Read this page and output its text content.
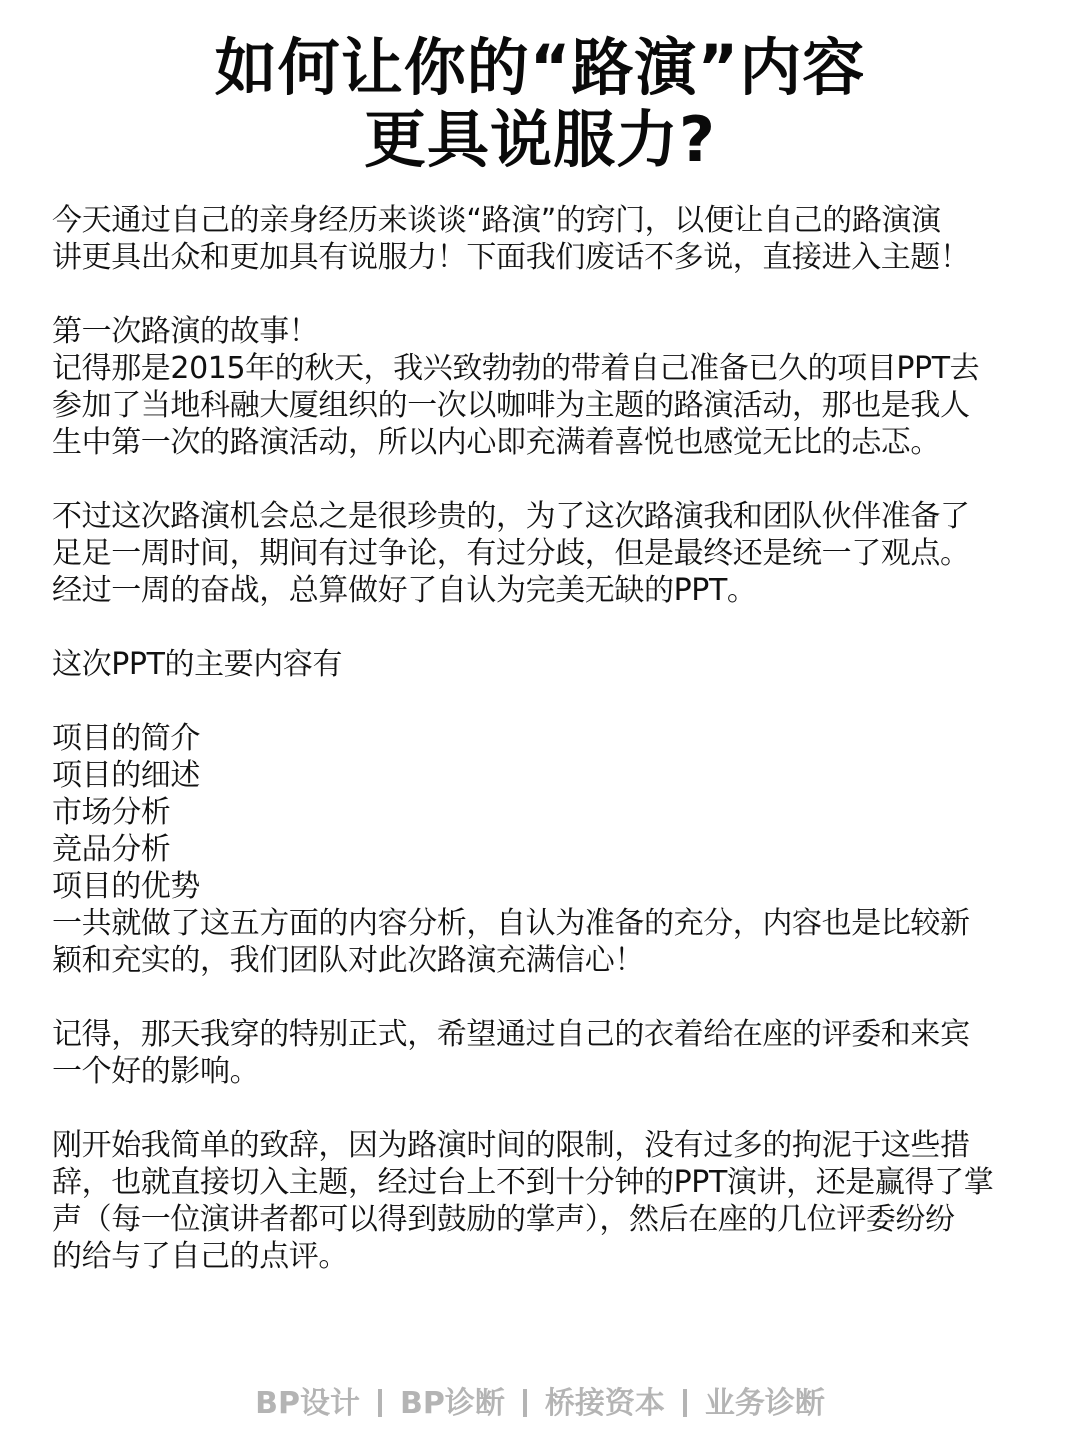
如何让你的“路演”内容
更具说服力?
今天通过自己的亲身经历来谈谈“路演”的窍门，以便让自己的路演演
讲更具出众和更加具有说服力！下面我们废话不多说，直接进入主题！
第一次路演的故事！
记得那是2015年的秋天，我兴致勃勃的带着自己准备已久的项目PPT去
参加了当地科融大厦组织的一次以咖啡为主题的路演活动，那也是我人
生中第一次的路演活动，所以内心即充满着喜悦也感觉无比的忐忑。
不过这次路演机会总之是很珍贵的，为了这次路演我和团队伙伴准备了
足足一周时间，期间有过争论，有过分歧，但是最终还是统一了观点。
经过一周的奋战，总算做好了自认为完美无缺的PPT。
这次PPT的主要内容有
项目的简介
项目的细述
市场分析
竞品分析
项目的优势
一共就做了这五方面的内容分析，自认为准备的充分，内容也是比较新
颖和充实的，我们团队对此次路演充满信心！
记得，那天我穿的特别正式，希望通过自己的衣着给在座的评委和来宾
一个好的影响。
刚开始我简单的致辞，因为路演时间的限制，没有过多的拘泥于这些措
辞，也就直接切入主题，经过台上不到十分钟的PPT演讲，还是赢得了掌
声（每一位演讲者都可以得到鼓励的掌声），然后在座的几位评委纷纷
的给与了自己的点评。
BP设计 BP诊断 桥接资本 业务诊断
